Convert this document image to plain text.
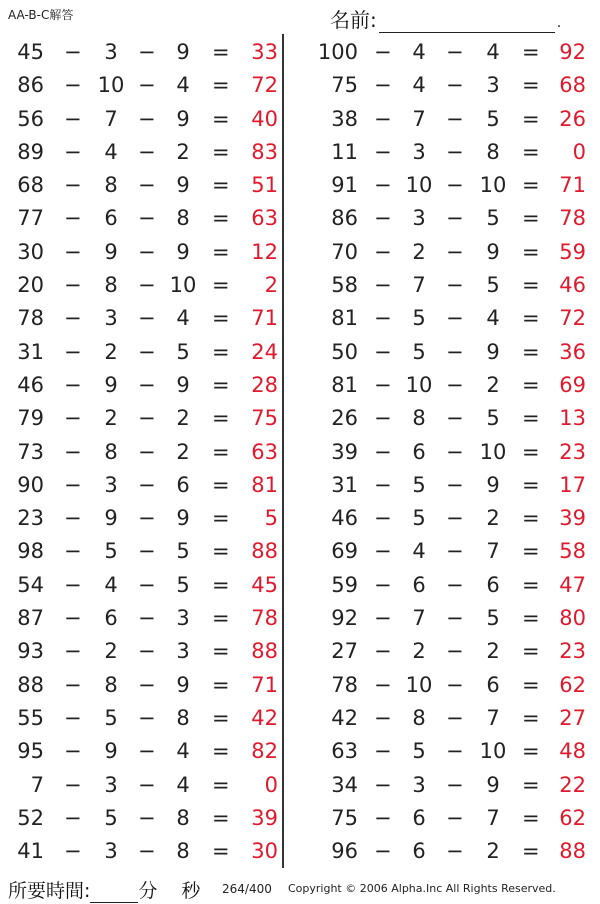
AA-B-C解答	名前:	.
45 −	3 − 9	= 33
86 − 10 − 4	= 72
56 −	7 − 9	= 40
89 −	4 − 2	= 83
68 −	8 − 9	= 51
77 −	6 − 8	= 63
30 −	9 − 9	= 12
20 −	8 − 10 = 2
78 −	3 − 4	= 71
31 −	2 − 5	= 24
46 −	9 − 9	= 28
79 −	2 − 2	= 75
73 −	8 − 2	= 63
90 −	3 − 6	= 81
23 −	9 − 9	= 5
98 −	5 − 5	= 88
54 −	4 − 5	= 45
87 −	6 − 3	= 78
93 −	2 − 3	= 88
88 −	8 − 9	= 71
55 −	5 − 8	= 42
95 −	9 − 4	= 82
7 −	3 − 4	= 0
52 −	5 − 8	= 39
41 −	3 − 8	= 30
100 − 4 −	4	= 92
75 − 4 −	3	= 68
38 − 7 −	5	= 26
11 − 3 −	8	= 0
91 − 10 − 10 = 71
86 − 3 −	5	= 78
70 − 2 −	9	= 59
58 − 7 −	5	= 46
81 − 5 −	4	= 72
50 − 5 −	9	= 36
81 − 10 −	2	= 69
26 − 8 −	5	= 13
39 − 6 − 10 = 23
31 − 5 −	9	= 17
46 − 5 −	2	= 39
69 − 4 −	7	= 58
59 − 6 −	6	= 47
92 − 7 −	5	= 80
27 − 2 −	2	= 23
78 − 10 −	6	= 62
42 − 8 −	7	= 27
63 − 5 − 10 = 48
34 − 3 −	9	= 22
75 − 6 −	7	= 62
96 − 6 −	2	= 88
所要時間:	分 秒 264/400 Copyright © 2006 Alpha.Inc All Rights Reserved.
